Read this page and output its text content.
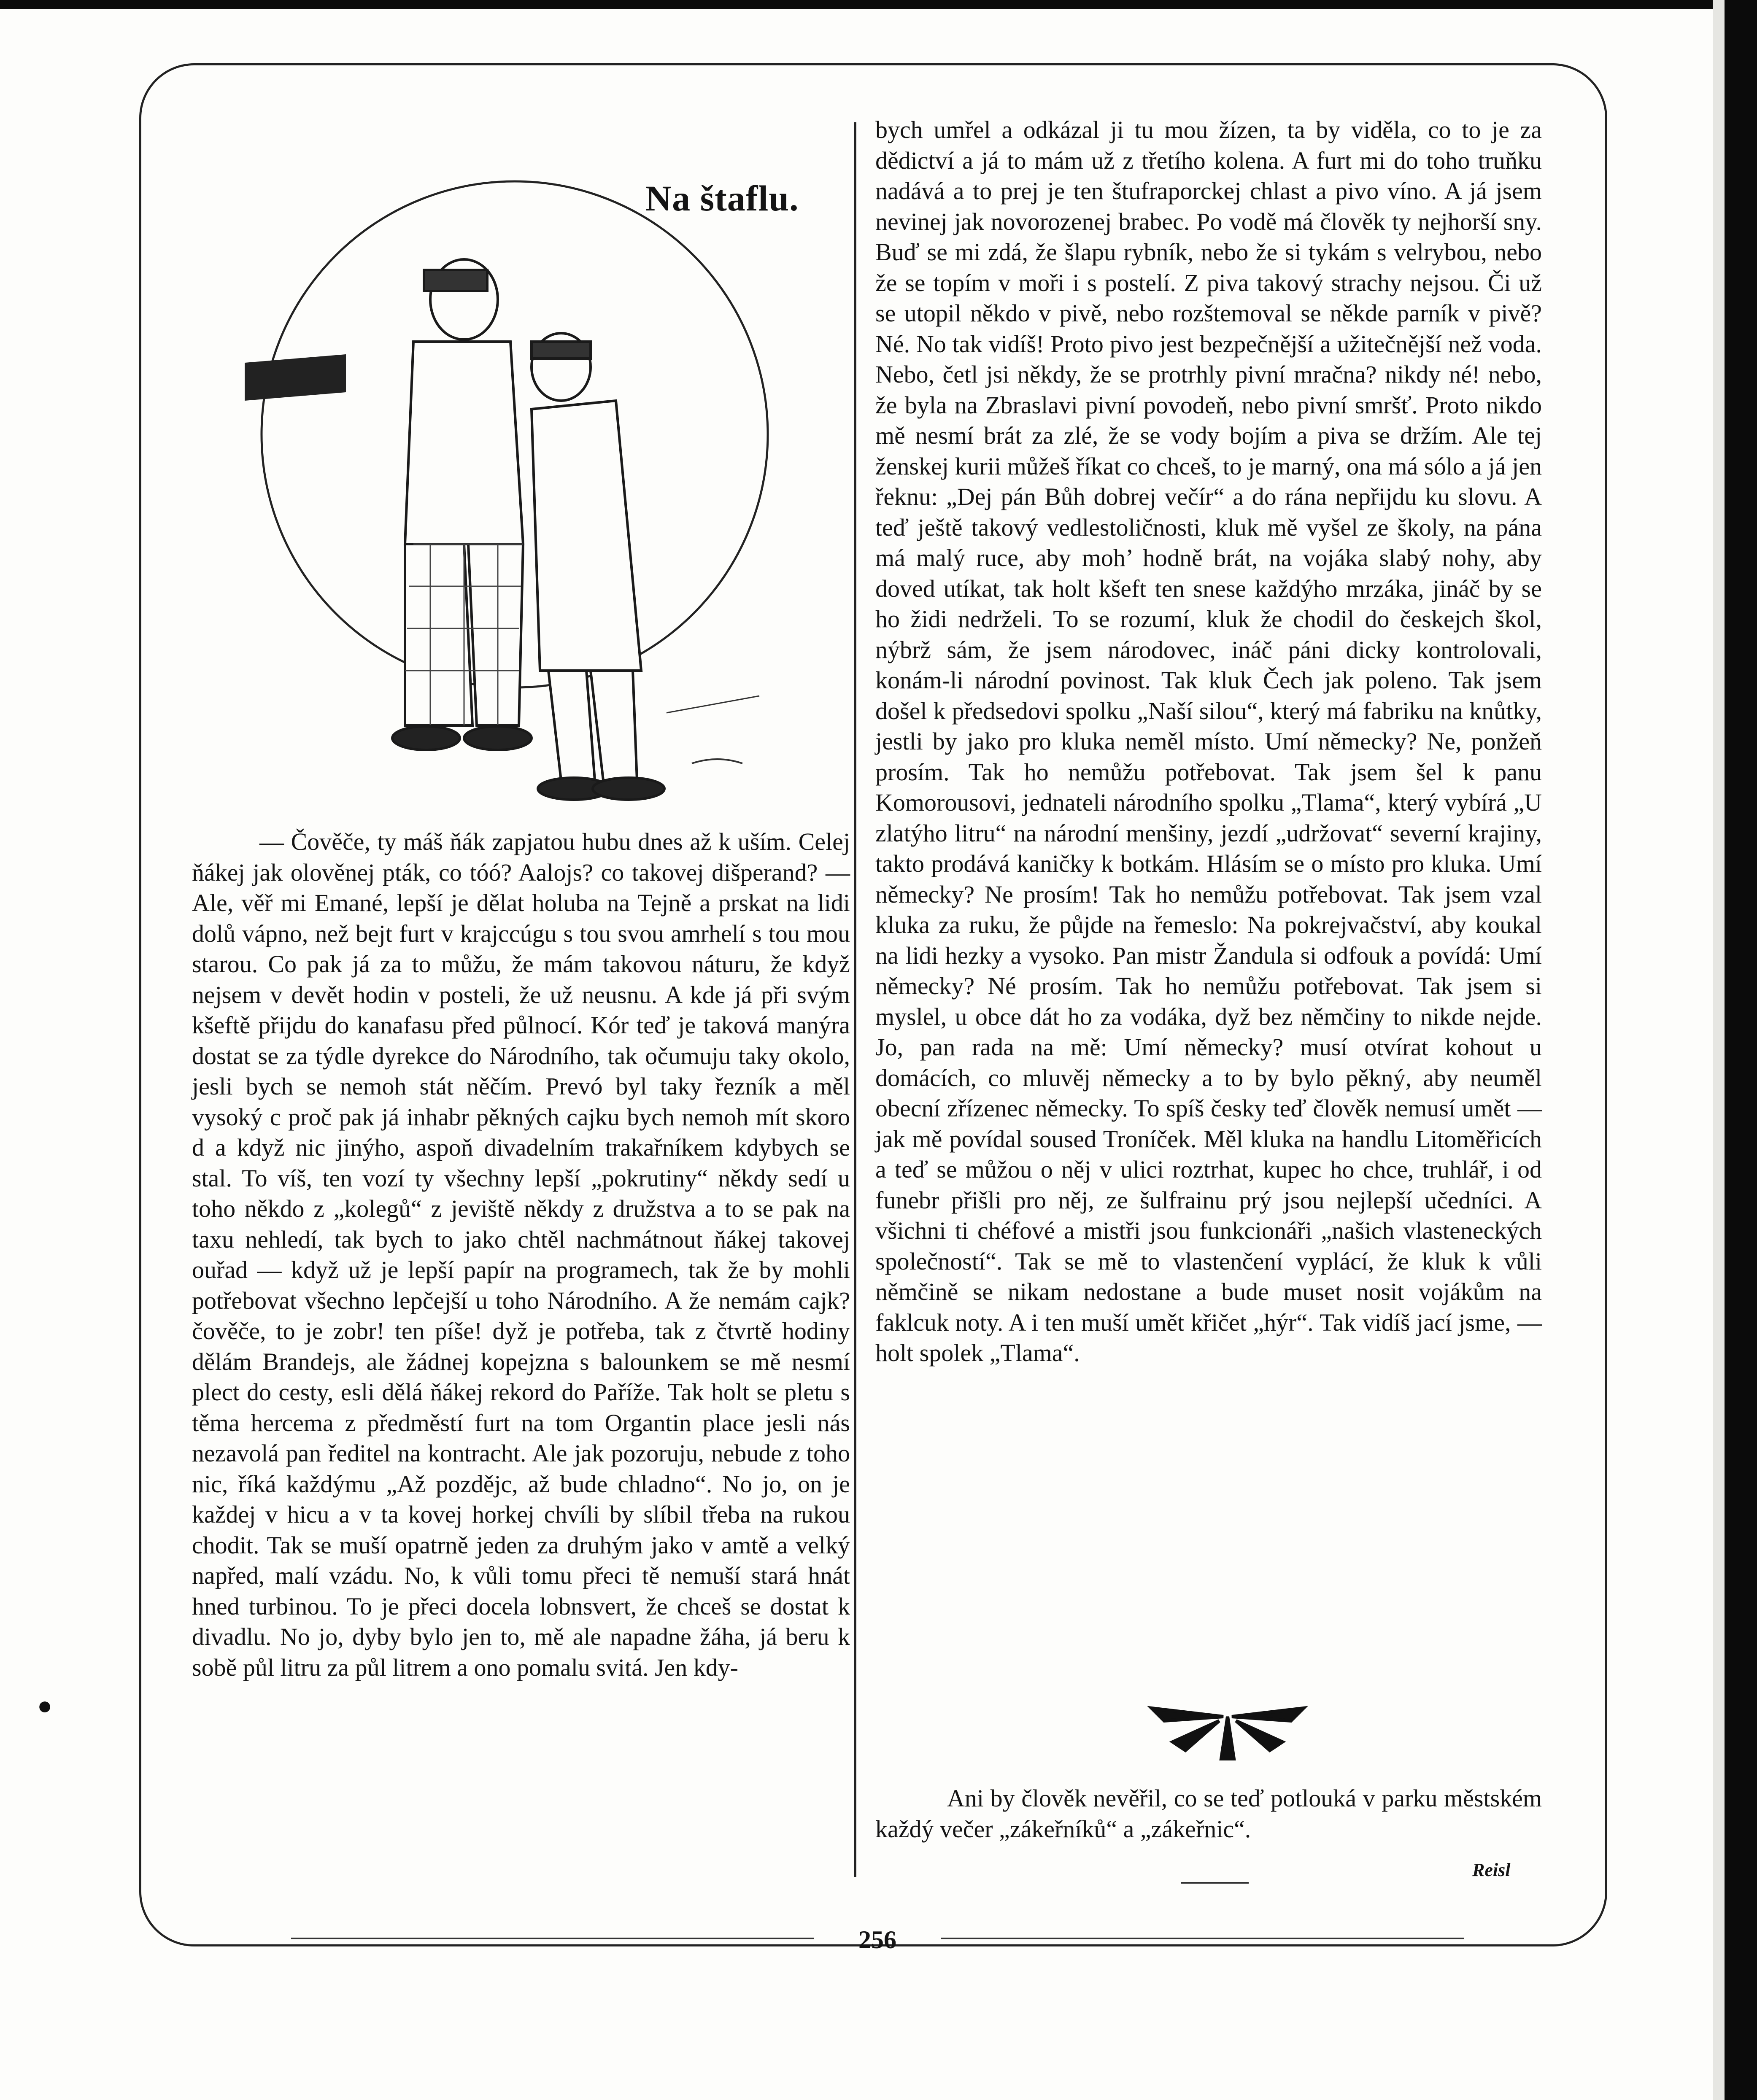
●
Na štaflu.

— Čověče, ty máš ňák zapjatou hubu dnes až k uším. Celej ňákej jak olověnej pták, co tóó? Aalojs? co takovej dišperand? — Ale, věř mi Emané, lepší je dělat holuba na Tejně a prskat na lidi dolů vápno, než bejt furt v krajccúgu s tou svou amrhelí s tou mou starou. Co pak já za to můžu, že mám takovou náturu, že když nejsem v devět hodin v posteli, že už neusnu. A kde já při svým kšeftě přijdu do kanafasu před půlnocí. Kór teď je taková manýra dostat se za týdle dyrekce do Národního, tak očumuju taky okolo, jesli bych se nemoh stát něčím. Prevó byl taky řezník a měl vysoký c proč pak já inhabr pěkných cajku bych nemoh mít skoro d a když nic jinýho, aspoň divadelním trakařníkem kdybych se stal. To víš, ten vozí ty všechny lepší „pokrutiny“ někdy sedí u toho někdo z „kolegů“ z jeviště někdy z družstva a to se pak na taxu nehledí, tak bych to jako chtěl nachmátnout ňákej takovej ouřad — když už je lepší papír na programech, tak že by mohli potřebovat všechno lepčejší u toho Národního. A že nemám cajk? čověče, to je zobr! ten píše! dyž je potřeba, tak z čtvrtě hodiny dělám Brandejs, ale žádnej kopejzna s balounkem se mě nesmí plect do cesty, esli dělá ňákej rekord do Paříže. Tak holt se pletu s těma hercema z předměstí furt na tom Organtin place jesli nás nezavolá pan ředitel na kontracht. Ale jak pozoruju, nebude z toho nic, říká každýmu „Až pozdějc, až bude chladno“. No jo, on je každej v hicu a v ta kovej horkej chvíli by slíbil třeba na rukou chodit. Tak se muší opatrně jeden za druhým jako v amtě a velký napřed, malí vzádu. No, k vůli tomu přeci tě nemuší stará hnát hned turbinou. To je přeci docela lobnsvert, že chceš se dostat k divadlu. No jo, dyby bylo jen to, mě ale napadne žáha, já beru k sobě půl litru za půl litrem a ono pomalu svitá. Jen kdy-

bych umřel a odkázal ji tu mou žízen, ta by viděla, co to je za dědictví a já to mám už z třetího kolena. A furt mi do toho truňku nadává a to prej je ten štufraporckej chlast a pivo víno. A já jsem nevinej jak novorozenej brabec. Po vodě má člověk ty nejhorší sny. Buď se mi zdá, že šlapu rybník, nebo že si tykám s velrybou, nebo že se topím v moři i s postelí. Z piva takový strachy nejsou. Či už se utopil někdo v pivě, nebo rozštemoval se někde parník v pivě? Né. No tak vidíš! Proto pivo jest bezpečnější a užitečnější než voda. Nebo, četl jsi někdy, že se protrhly pivní mračna? nikdy né! nebo, že byla na Zbraslavi pivní povodeň, nebo pivní smršť. Proto nikdo mě nesmí brát za zlé, že se vody bojím a piva se držím. Ale tej ženskej kurii můžeš říkat co chceš, to je marný, ona má sólo a já jen řeknu: „Dej pán Bůh dobrej večír“ a do rána nepřijdu ku slovu. A teď ještě takový vedlestoličnosti, kluk mě vyšel ze školy, na pána má malý ruce, aby moh’ hodně brát, na vojáka slabý nohy, aby doved utíkat, tak holt kšeft ten snese každýho mrzáka, jináč by se ho židi nedrželi. To se rozumí, kluk že chodil do českejch škol, nýbrž sám, že jsem národovec, ináč páni dicky kontrolovali, konám-li národní povinost. Tak kluk Čech jak poleno. Tak jsem došel k předsedovi spolku „Naší silou“, který má fabriku na knůtky, jestli by jako pro kluka neměl místo. Umí německy? Ne, ponžeň prosím. Tak ho nemůžu potřebovat. Tak jsem šel k panu Komorousovi, jednateli národního spolku „Tlama“, který vybírá „U zlatýho litru“ na národní menšiny, jezdí „udržovat“ severní krajiny, takto prodává kaničky k botkám. Hlásím se o místo pro kluka. Umí německy? Ne prosím! Tak ho nemůžu potřebovat. Tak jsem vzal kluka za ruku, že půjde na řemeslo: Na pokrejvačství, aby koukal na lidi hezky a vysoko. Pan mistr Žandula si odfouk a povídá: Umí německy? Né prosím. Tak ho nemůžu potřebovat. Tak jsem si myslel, u obce dát ho za vodáka, dyž bez němčiny to nikde nejde. Jo, pan rada na mě: Umí německy? musí otvírat kohout u domácích, co mluvěj německy a to by bylo pěkný, aby neuměl obecní zřízenec německy. To spíš česky teď člověk nemusí umět — jak mě povídal soused Troníček. Měl kluka na handlu Litoměřicích a teď se můžou o něj v ulici roztrhat, kupec ho chce, truhlář, i od funebr přišli pro něj, ze šulfrainu prý jsou nejlepší učedníci. A všichni ti chéfové a mistři jsou funkcionáři „našich vlasteneckých společností“. Tak se mě to vlastenčení vyplácí, že kluk k vůli němčině se nikam nedostane a bude muset nosit vojákům na faklcuk noty. A i ten muší umět křičet „hýr“. Tak vidíš jací jsme, — holt spolek „Tlama“.

Ani by člověk nevěřil, co se teď potlouká v parku městském každý večer „zákeřníků“ a „zákeřnic“.

Reisl
256
